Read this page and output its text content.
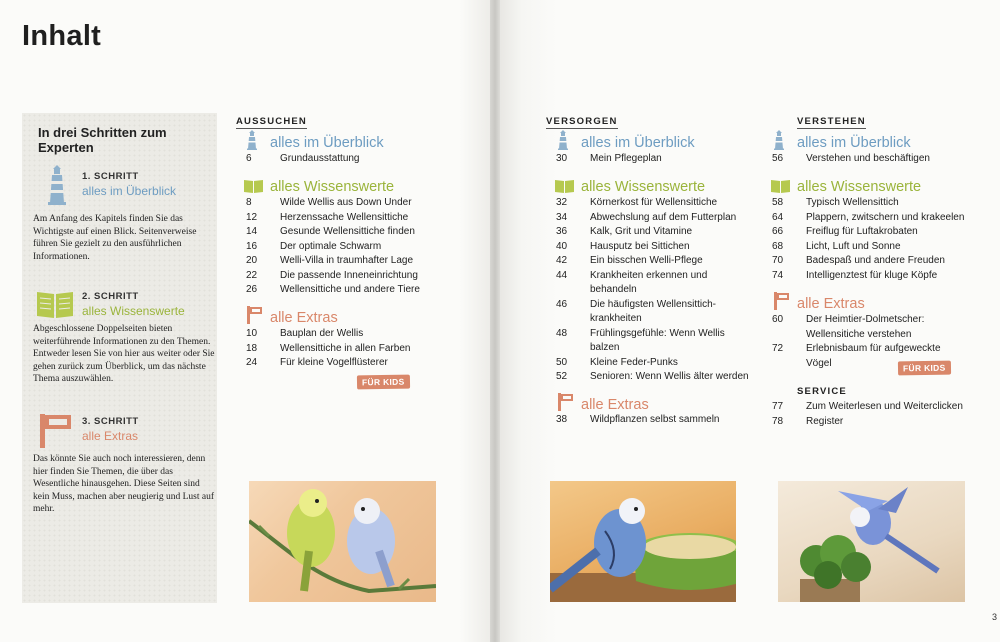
Inhalt
In drei Schritten zum Experten
1. SCHRITT
alles im Überblick
Am Anfang des Kapitels finden Sie das Wichtigste auf einen Blick. Seitenverweise führen Sie gezielt zu den ausführlichen Informationen.
2. SCHRITT
alles Wissenswerte
Abgeschlossene Doppelseiten bieten weiterführende Informationen zu den Themen. Entweder lesen Sie von hier aus weiter oder Sie gehen zurück zum Überblick, um das nächste Thema auszuwählen.
3. SCHRITT
alle Extras
Das könnte Sie auch noch interessieren, denn hier finden Sie Themen, die über das Wesentliche hinausgehen. Diese Seiten sind kein Muss, machen aber neugierig und Lust auf mehr.
AUSSUCHEN
alles im Überblick
6	Grundausstattung
alles Wissenswerte
8	Wilde Wellis aus Down Under
12	Herzenssache Wellensittiche
14	Gesunde Wellensittiche finden
16	Der optimale Schwarm
20	Welli-Villa in traumhafter Lage
22	Die passende Inneneinrichtung
26	Wellensittiche und andere Tiere
alle Extras
10	Bauplan der Wellis
18	Wellensittiche in allen Farben
24	Für kleine Vogelflüsterer
FÜR KIDS
VERSORGEN
alles im Überblick
30	Mein Pflegeplan
alles Wissenswerte
32	Körnerkost für Wellensittiche
34	Abwechslung auf dem Futterplan
36	Kalk, Grit und Vitamine
40	Hausputz bei Sittichen
42	Ein bisschen Welli-Pflege
44	Krankheiten erkennen und
behandeln
46	Die häufigsten Wellensittich-
krankheiten
48	Frühlingsgefühle: Wenn Wellis
balzen
50	Kleine Feder-Punks
52	Senioren: Wenn Wellis älter werden
alle Extras
38	Wildpflanzen selbst sammeln
VERSTEHEN
alles im Überblick
56	Verstehen und beschäftigen
alles Wissenswerte
58	Typisch Wellensittich
64	Plappern, zwitschern und krakeelen
66	Freiflug für Luftakrobaten
68	Licht, Luft und Sonne
70	Badespaß und andere Freuden
74	Intelligenztest für kluge Köpfe
alle Extras
60	Der Heimtier-Dolmetscher:
Wellensitiche verstehen
72	Erlebnisbaum für aufgeweckte
Vögel	FÜR KIDS
SERVICE
77	Zum Weiterlesen und Weiterclicken
78	Register
3
